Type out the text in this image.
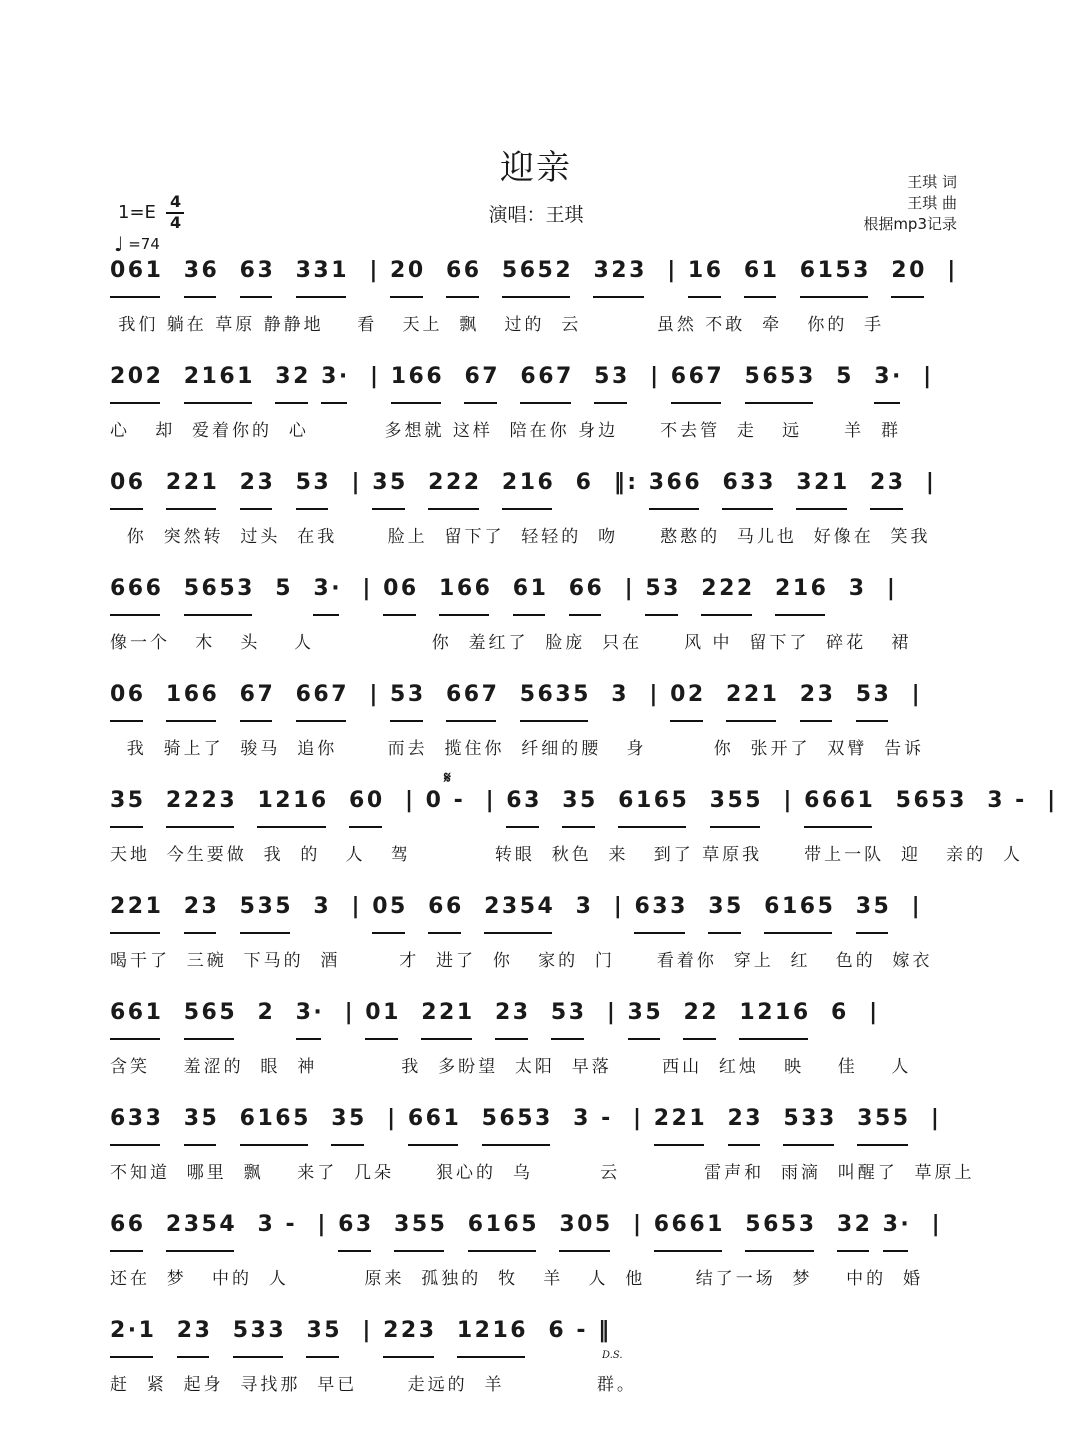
迎亲
演唱：王琪
王琪 词
王琪 曲
根据mp3记录
1=E
4
4
♩ =74
𝄋
061  36  63  331  | 20  66  5652  323  | 16  61  6153  20  |
我们 躺在 草原 静静地    看   天上  飘   过的  云         虽然 不敢  牵   你的  手
202  2161  32 3·  | 166  67  667  53  | 667  5653  5  3·  |
心   却  爱着你的  心         多想就 这样  陪在你 身边     不去管  走   远     羊  群
06  221  23  53  | 35  222  216  6  ‖: 366  633  321  23  |
你  突然转  过头  在我      脸上  留下了  轻轻的  吻     憨憨的  马儿也  好像在  笑我
666  5653  5  3·  | 06  166  61  66  | 53  222  216  3  |
像一个   木   头    人              你  羞红了  脸庞  只在     风 中  留下了  碎花   裙
06  166  67  667  | 53  667  5635  3  | 02  221  23  53  |
我  骑上了  骏马  追你      而去  揽住你  纤细的腰   身        你  张开了  双臂  告诉
35  2223  1216  60  | 0 -  | 63  35  6165  355  | 6661  5653  3 -  |
天地  今生要做  我  的   人   驾          转眼  秋色  来   到了 草原我     带上一队  迎   亲的  人
221  23  535  3  | 05  66  2354  3  | 633  35  6165  35  |
喝干了  三碗  下马的  酒       才  进了  你   家的  门     看着你  穿上  红   色的  嫁衣
661  565  2  3·  | 01  221  23  53  | 35  22  1216  6  |
含笑    羞涩的  眼  神          我  多盼望  太阳  早落      西山  红烛   映    佳    人
633  35  6165  35  | 661  5653  3 -  | 221  23  533  355  |
不知道  哪里  飘    来了  几朵     狠心的  乌        云          雷声和  雨滴  叫醒了  草原上
66  2354  3 -  | 63  355  6165  305  | 6661  5653  32 3·  |
还在  梦   中的  人         原来  孤独的  牧   羊   人  他      结了一场  梦    中的  婚
2·1  23  533  35  | 223  1216  6 - ‖
赶  紧  起身  寻找那  早已      走远的  羊           群。
D.S.
